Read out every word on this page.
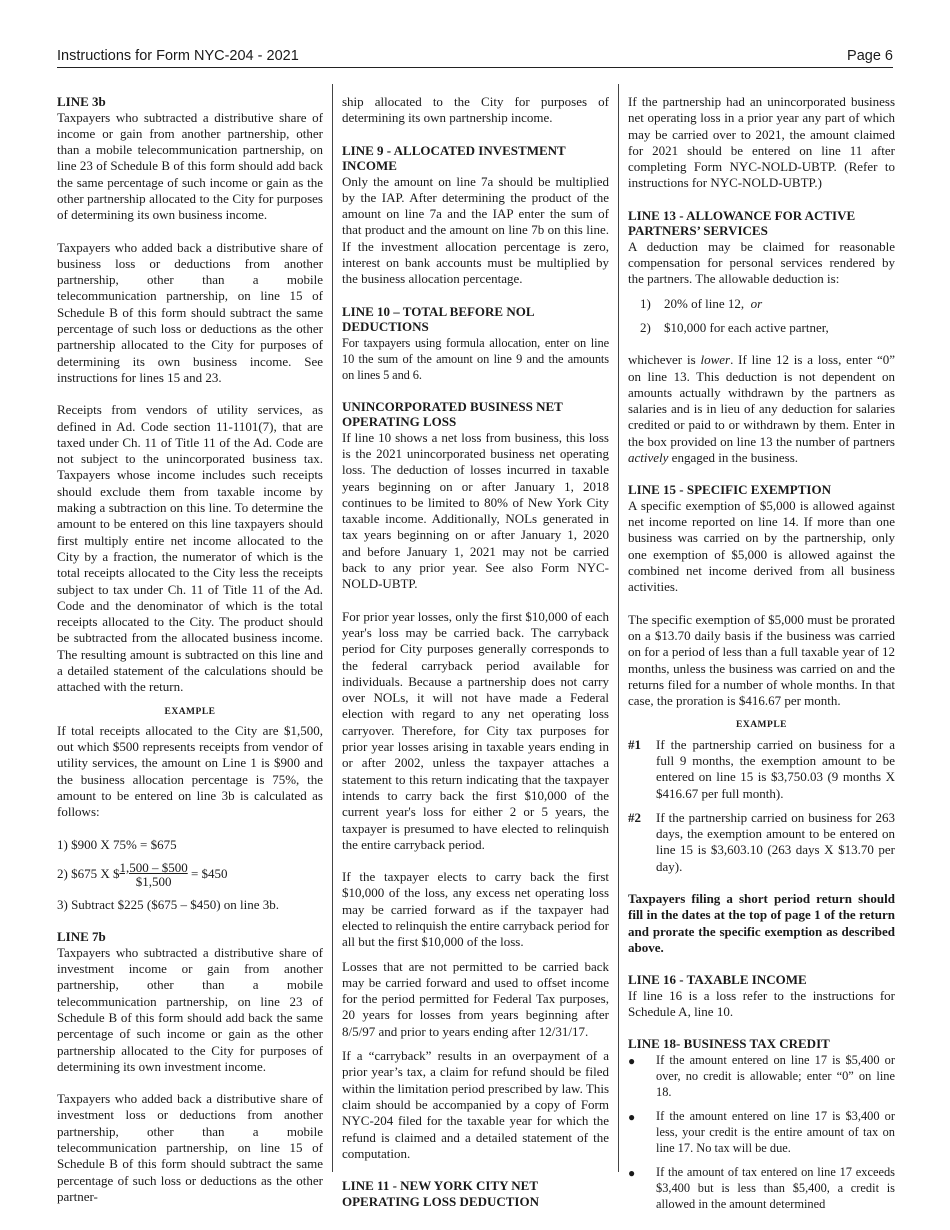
Instructions for Form NYC-204 - 2021	Page 6
LINE 3b

Taxpayers who subtracted a distributive share of income or gain from another partnership, other than a mobile telecommunication partnership, on line 23 of Schedule B of this form should add back the same percentage of such income or gain as the other partnership allocated to the City for purposes of determining its own business income.

Taxpayers who added back a distributive share of business loss or deductions from another partnership, other than a mobile telecommunication partnership, on line 15 of Schedule B of this form should subtract the same percentage of such loss or deductions as the other partnership allocated to the City for purposes of determining its own business income. See instructions for lines 15 and 23.

Receipts from vendors of utility services, as defined in Ad. Code section 11-1101(7), that are taxed under Ch. 11 of Title 11 of the Ad. Code are not subject to the unincorporated business tax. Taxpayers whose income includes such receipts should exclude them from taxable income by making a subtraction on this line. To determine the amount to be entered on this line taxpayers should first multiply entire net income allocated to the City by a fraction, the numerator of which is the total receipts allocated to the City less the receipts subject to tax under Ch. 11 of Title 11 of the Ad. Code and the denominator of which is the total receipts allocated to the City. The product should be subtracted from the allocated business income. The resulting amount is subtracted on this line and a detailed statement of the calculations should be attached with the return.

EXAMPLE

If total receipts allocated to the City are $1,500, out which $500 represents receipts from vendor of utility services, the amount on Line 1 is $900 and the business allocation percentage is 75%, the amount to be entered on line 3b is calculated as follows:

1) $900 X 75% = $675

2) $675 X $ $\frac{1,500 - \$500}{\$1,500}$ = $450

3) Subtract $225 ($675 – $450) on line 3b.

LINE 7b

Taxpayers who subtracted a distributive share of investment income or gain from another partnership, other than a mobile telecommunication partnership, on line 23 of Schedule B of this form should add back the same percentage of such income or gain as the other partnership allocated to the City for purposes of determining its own investment income.

Taxpayers who added back a distributive share of investment loss or deductions from another partnership, other than a mobile telecommunication partnership, on line 15 of Schedule B of this form should subtract the same percentage of such loss or deductions as the other partner-

ship allocated to the City for purposes of determining its own partnership income.

LINE 9 - ALLOCATED INVESTMENT INCOME

Only the amount on line 7a should be multiplied by the IAP. After determining the product of the amount on line 7a and the IAP enter the sum of that product and the amount on line 7b on this line. If the investment allocation percentage is zero, interest on bank accounts must be multiplied by the business allocation percentage.

LINE 10 – TOTAL BEFORE NOL DEDUCTIONS

For taxpayers using formula allocation, enter on line 10 the sum of the amount on line 9 and the amounts on lines 5 and 6.

UNINCORPORATED BUSINESS NET OPERATING LOSS

If line 10 shows a net loss from business, this loss is the 2021 unincorporated business net operating loss. The deduction of losses incurred in taxable years beginning on or after January 1, 2018 continues to be limited to 80% of New York City taxable income. Additionally, NOLs generated in tax years beginning on or after January 1, 2020 and before January 1, 2021 may not be carried back to any prior year. See also Form NYC-NOLD-UBTP.

For prior year losses, only the first $10,000 of each year's loss may be carried back. The carryback period for City purposes generally corresponds to the federal carryback period available for individuals. Because a partnership does not carry over NOLs, it will not have made a Federal election with regard to any net operating loss carryover. Therefore, for City tax purposes for prior year losses arising in taxable years ending in or after 2002, unless the taxpayer attaches a statement to this return indicating that the taxpayer intends to carry back the first $10,000 of the current year's loss for either 2 or 5 years, the taxpayer is presumed to have elected to relinquish the entire carryback period.

If the taxpayer elects to carry back the first $10,000 of the loss, any excess net operating loss may be carried forward as if the taxpayer had elected to relinquish the entire carryback period for all but the first $10,000 of the loss.

Losses that are not permitted to be carried back may be carried forward and used to offset income for the period permitted for Federal Tax purposes, 20 years for losses from years beginning after 8/5/97 and prior to years ending after 12/31/17.

If a “carryback” results in an overpayment of a prior year’s tax, a claim for refund should be filed within the limitation period prescribed by law. This claim should be accompanied by a copy of Form NYC-204 filed for the taxable year for which the refund is claimed and a detailed statement of the computation.

LINE 11 - NEW YORK CITY NET OPERATING LOSS DEDUCTION

If the partnership had an unincorporated business net operating loss in a prior year any part of which may be carried over to 2021, the amount claimed for 2021 should be entered on line 11 after completing Form NYC-NOLD-UBTP. (Refer to instructions for NYC-NOLD-UBTP.)

LINE 13 - ALLOWANCE FOR ACTIVE PARTNERS’ SERVICES

A deduction may be claimed for reasonable compensation for personal services rendered by the partners. The allowable deduction is:

1)	20% of line 12, or
2)	$10,000 for each active partner,

whichever is lower. If line 12 is a loss, enter “0” on line 13. This deduction is not dependent on amounts actually withdrawn by the partners as salaries and is in lieu of any deduction for salaries credited or paid to or withdrawn by them. Enter in the box provided on line 13 the number of partners actively engaged in the business.

LINE 15 - SPECIFIC EXEMPTION

A specific exemption of $5,000 is allowed against net income reported on line 14. If more than one business was carried on by the partnership, only one exemption of $5,000 is allowed against the combined net income derived from all business activities.

The specific exemption of $5,000 must be prorated on a $13.70 daily basis if the business was carried on for a period of less than a full taxable year of 12 months, unless the business was carried on and the returns filed for a number of whole months. In that case, the proration is $416.67 per month.

EXAMPLE
#1	If the partnership carried on business for a full 9 months, the exemption amount to be entered on line 15 is $3,750.03 (9 months X $416.67 per full month).

#2	If the partnership carried on business for 263 days, the exemption amount to be entered on line 15 is $3,603.10 (263 days X $13.70 per day).

Taxpayers filing a short period return should fill in the dates at the top of page 1 of the return and prorate the specific exemption as described above.

LINE 16 - TAXABLE INCOME

If line 16 is a loss refer to the instructions for Schedule A, line 10.

LINE 18- BUSINESS TAX CREDIT
●	If the amount entered on line 17 is $5,400 or over, no credit is allowable; enter “0” on line 18.

●	If the amount entered on line 17 is $3,400 or less, your credit is the entire amount of tax on line 17. No tax will be due.

●	If the amount of tax entered on line 17 exceeds $3,400 but is less than $5,400, a credit is allowed in the amount determined
